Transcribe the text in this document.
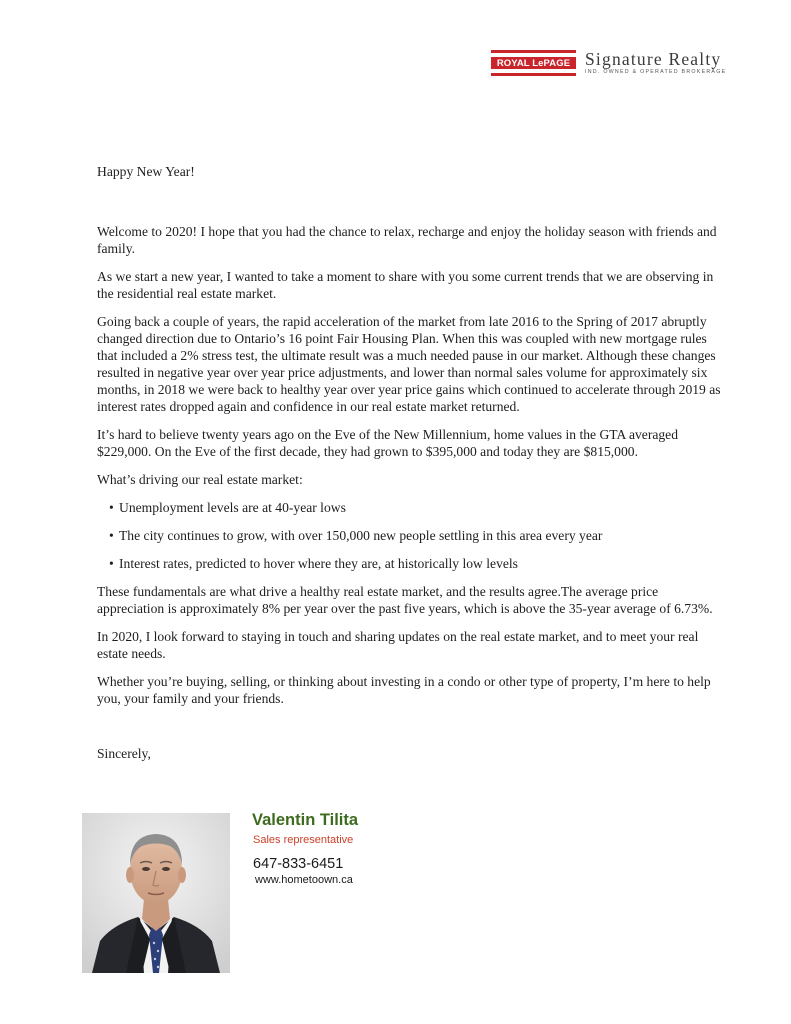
ROYAL LePAGE Signature Realty
IND. OWNED & OPERATED BROKERAGE

Happy New Year!

Welcome to 2020! I hope that you had the chance to relax, recharge and enjoy the holiday season with friends and family.

As we start a new year, I wanted to take a moment to share with you some current trends that we are observing in the residential real estate market.

Going back a couple of years, the rapid acceleration of the market from late 2016 to the Spring of 2017 abruptly changed direction due to Ontario’s 16 point Fair Housing Plan. When this was coupled with new mortgage rules that included a 2% stress test, the ultimate result was a much needed pause in our market. Although these changes resulted in negative year over year price adjustments, and lower than normal sales volume for approximately six months, in 2018 we were back to healthy year over year price gains which continued to accelerate through 2019 as interest rates dropped again and confidence in our real estate market returned.

It’s hard to believe twenty years ago on the Eve of the New Millennium, home values in the GTA averaged $229,000. On the Eve of the first decade, they had grown to $395,000 and today they are $815,000.

What’s driving our real estate market:

• Unemployment levels are at 40-year lows
• The city continues to grow, with over 150,000 new people settling in this area every year
• Interest rates, predicted to hover where they are, at historically low levels

These fundamentals are what drive a healthy real estate market, and the results agree.The average price appreciation is approximately 8% per year over the past five years, which is above the 35-year average of 6.73%.

In 2020, I look forward to staying in touch and sharing updates on the real estate market, and to meet your real estate needs.

Whether you’re buying, selling, or thinking about investing in a condo or other type of property, I’m here to help you, your family and your friends.

Sincerely,

Valentin Tilita
Sales representative
647-833-6451
www.hometoown.ca
